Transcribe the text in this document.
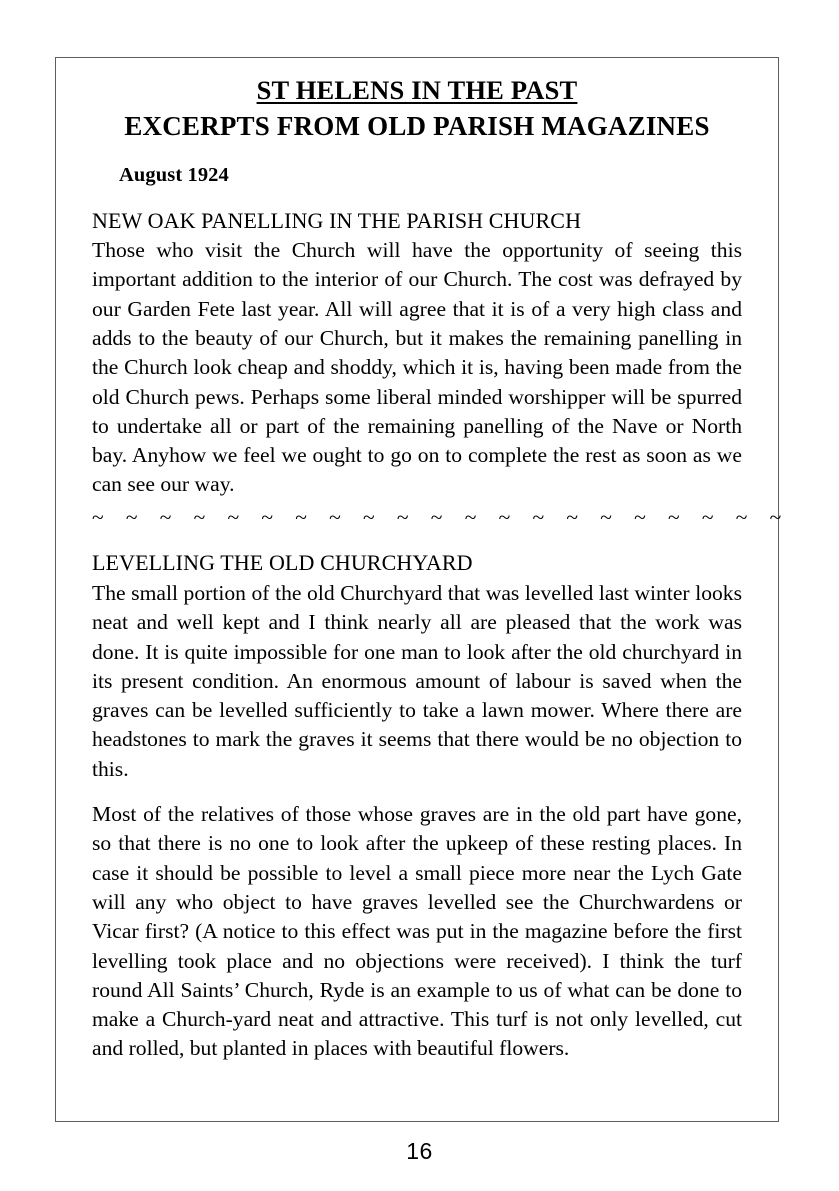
ST HELENS IN THE PAST
EXCERPTS FROM OLD PARISH MAGAZINES
August 1924
NEW OAK PANELLING IN THE PARISH CHURCH

Those who visit the Church will have the opportunity of seeing this important addition to the interior of our Church. The cost was defrayed by our Garden Fete last year. All will agree that it is of a very high class and adds to the beauty of our Church, but it makes the remaining panelling in the Church look cheap and shoddy, which it is, having been made from the old Church pews. Perhaps some liberal minded worshipper will be spurred to undertake all or part of the remaining panelling of the Nave or North bay. Anyhow we feel we ought to go on to complete the rest as soon as we can see our way.

~ ~ ~ ~ ~ ~ ~ ~ ~ ~ ~ ~ ~ ~ ~ ~ ~ ~ ~ ~ ~
LEVELLING THE OLD CHURCHYARD

The small portion of the old Churchyard that was levelled last winter looks neat and well kept and I think nearly all are pleased that the work was done. It is quite impossible for one man to look after the old churchyard in its present condition. An enormous amount of labour is saved when the graves can be levelled sufficiently to take a lawn mower. Where there are headstones to mark the graves it seems that there would be no objection to this.

Most of the relatives of those whose graves are in the old part have gone, so that there is no one to look after the upkeep of these resting places. In case it should be possible to level a small piece more near the Lych Gate will any who object to have graves levelled see the Churchwardens or Vicar first? (A notice to this effect was put in the magazine before the first levelling took place and no objections were received). I think the turf round All Saints’ Church, Ryde is an example to us of what can be done to make a Church-yard neat and attractive. This turf is not only levelled, cut and rolled, but planted in places with beautiful flowers.

16
